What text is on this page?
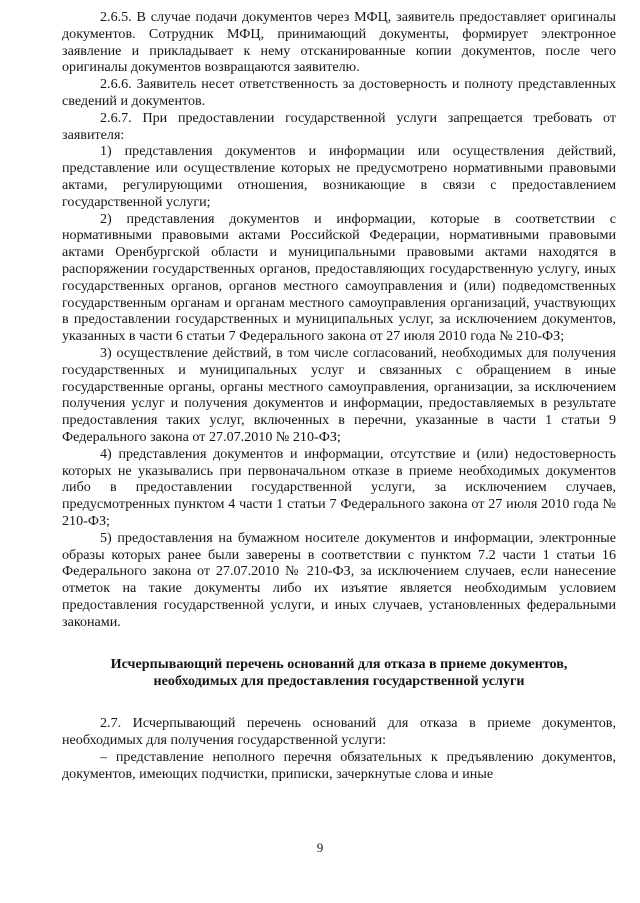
2.6.5. В случае подачи документов через МФЦ, заявитель предоставляет оригиналы документов. Сотрудник МФЦ, принимающий документы, формирует электронное заявление и прикладывает к нему отсканированные копии документов, после чего оригиналы документов возвращаются заявителю.

2.6.6. Заявитель несет ответственность за достоверность и полноту представленных сведений и документов.

2.6.7. При предоставлении государственной услуги запрещается требовать от заявителя:

1) представления документов и информации или осуществления действий, представление или осуществление которых не предусмотрено нормативными правовыми актами, регулирующими отношения, возникающие в связи с предоставлением государственной услуги;

2) представления документов и информации, которые в соответствии с нормативными правовыми актами Российской Федерации, нормативными правовыми актами Оренбургской области и муниципальными правовыми актами находятся в распоряжении государственных органов, предоставляющих государственную услугу, иных государственных органов, органов местного самоуправления и (или) подведомственных государственным органам и органам местного самоуправления организаций, участвующих в предоставлении государственных и муниципальных услуг, за исключением документов, указанных в части 6 статьи 7 Федерального закона от 27 июля 2010 года № 210-ФЗ;

3) осуществление действий, в том числе согласований, необходимых для получения государственных и муниципальных услуг и связанных с обращением в иные государственные органы, органы местного самоуправления, организации, за исключением получения услуг и получения документов и информации, предоставляемых в результате предоставления таких услуг, включенных в перечни, указанные в части 1 статьи 9 Федерального закона от 27.07.2010 № 210-ФЗ;

4) представления документов и информации, отсутствие и (или) недостоверность которых не указывались при первоначальном отказе в приеме необходимых документов либо в предоставлении государственной услуги, за исключением случаев, предусмотренных пунктом 4 части 1 статьи 7 Федерального закона от 27 июля 2010 года № 210-ФЗ;

5) предоставления на бумажном носителе документов и информации, электронные образы которых ранее были заверены в соответствии с пунктом 7.2 части 1 статьи 16 Федерального закона от 27.07.2010 № 210-ФЗ, за исключением случаев, если нанесение отметок на такие документы либо их изъятие является необходимым условием предоставления государственной услуги, и иных случаев, установленных федеральными законами.

Исчерпывающий перечень оснований для отказа в приеме документов, необходимых для предоставления государственной услуги

2.7. Исчерпывающий перечень оснований для отказа в приеме документов, необходимых для получения государственной услуги:

– представление неполного перечня обязательных к предъявлению документов, документов, имеющих подчистки, приписки, зачеркнутые слова и иные

9
